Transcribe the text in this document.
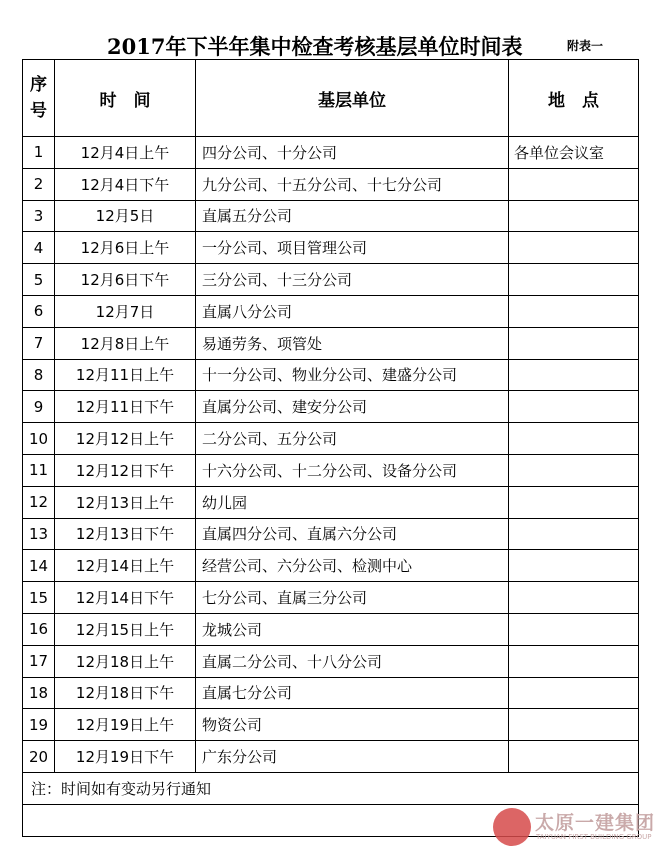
2017年下半年集中检查考核基层单位时间表	附表一
序
号	时　间	基层单位	地　点
1	12月4日上午	四分公司、十分公司	各单位会议室
2	12月4日下午	九分公司、十五分公司、十七分公司	
3	12月5日	直属五分公司	
4	12月6日上午	一分公司、项目管理公司	
5	12月6日下午	三分公司、十三分公司	
6	12月7日	直属八分公司	
7	12月8日上午	易通劳务、项管处	
8	12月11日上午	十一分公司、物业分公司、建盛分公司	
9	12月11日下午	直属分公司、建安分公司	
10	12月12日上午	二分公司、五分公司	
11	12月12日下午	十六分公司、十二分公司、设备分公司	
12	12月13日上午	幼儿园	
13	12月13日下午	直属四分公司、直属六分公司	
14	12月14日上午	经营公司、六分公司、检测中心	
15	12月14日下午	七分公司、直属三分公司	
16	12月15日上午	龙城公司	
17	12月18日上午	直属二分公司、十八分公司	
18	12月18日下午	直属七分公司	
19	12月19日上午	物资公司	
20	12月19日下午	广东分公司	
注：时间如有变动另行通知			

太原一建集团
TAIYUAN FIRST BUILDING GROUP
